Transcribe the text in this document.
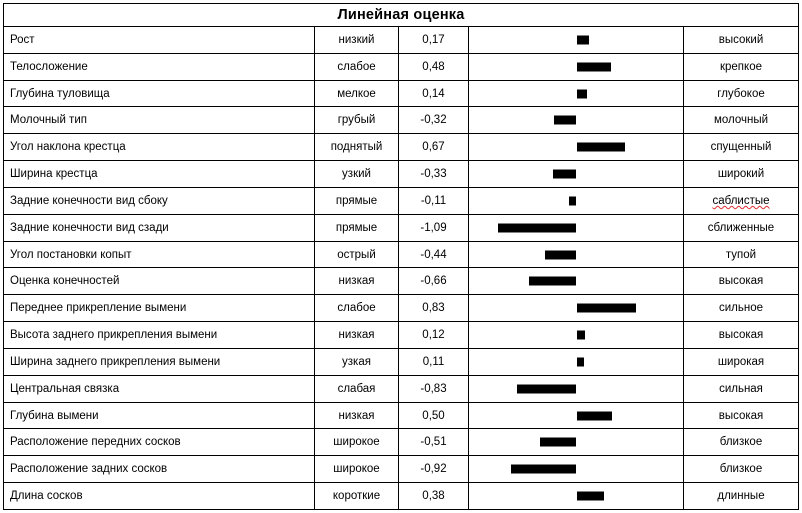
Линейная оценка
Рост	низкий	0,17	высокий
Телосложение	слабое	0,48	крепкое
Глубина туловища	мелкое	0,14	глубокое
Молочный тип	грубый	-0,32	молочный
Угол наклона крестца	поднятый	0,67	спущенный
Ширина крестца	узкий	-0,33	широкий
Задние конечности вид сбоку	прямые	-0,11	саблистые
Задние конечности вид сзади	прямые	-1,09	сближенные
Угол постановки копыт	острый	-0,44	тупой
Оценка конечностей	низкая	-0,66	высокая
Переднее прикрепление вымени	слабое	0,83	сильное
Высота заднего прикрепления вымени	низкая	0,12	высокая
Ширина заднего прикрепления вымени	узкая	0,11	широкая
Центральная связка	слабая	-0,83	сильная
Глубина вымени	низкая	0,50	высокая
Расположение передних сосков	широкое	-0,51	близкое
Расположение задних сосков	широкое	-0,92	близкое
Длина сосков	короткие	0,38	длинные
